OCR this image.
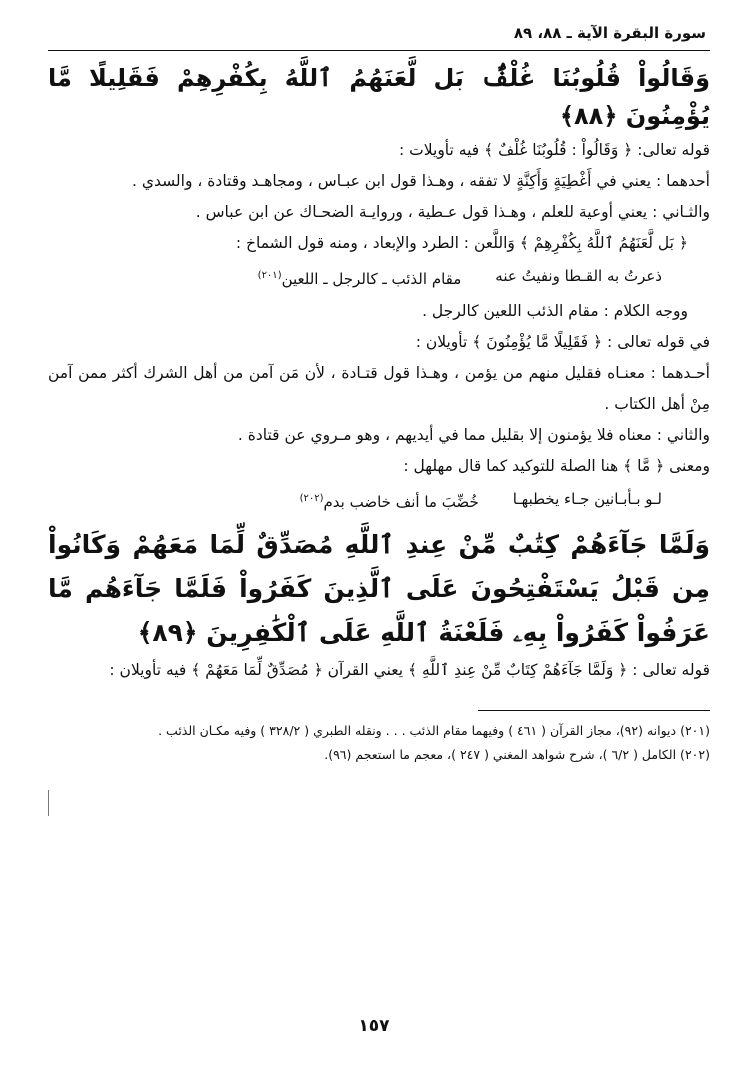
سورة البقرة الآية ـ ٨٨، ٨٩
وَقَالُواْ قُلُوبُنَا غُلْفٌۢ بَل لَّعَنَهُمُ ٱللَّهُ بِكُفْرِهِمْ فَقَلِيلًا مَّا يُؤْمِنُونَ ﴿٨٨﴾
قوله تعالى: ﴿ وَقَالُواْ : قُلُوبُنَا غُلْفٌ ﴾ فيه تأويلات :
أحدهما : يعني في أَغْطِيَةٍ وَأَكِنَّةٍ لا تفقه ، وهـذا قول ابن عبـاس ، ومجاهـد وقتادة ، والسدي .
والثـاني : يعني أوعية للعلم ، وهـذا قول عـطية ، وروايـة الضحـاك عن ابن عباس .
﴿ بَل لَّعَنَهُمُ ٱللَّهُ بِكُفْرِهِمْ ﴾ وَاللَّعن : الطرد والإبعاد ، ومنه قول الشماخ :
ذعرتُ به القـطا ونفيتُ عنه
مقام الذئب ـ كالرجل ـ اللعين$^{(٢٠١)}$
ووجه الكلام : مقام الذئب اللعين كالرجل .
في قوله تعالى : ﴿ فَقَلِيلًا مَّا يُؤْمِنُونَ ﴾ تأويلان :
أحـدهما : معنـاه فقليل منهم من يؤمن ، وهـذا قول قتـادة ، لأن مَن آمن من أهل الشرك أكثر ممن آمن مِنْ أهل الكتاب .
والثاني : معناه فلا يؤمنون إلا بقليل مما في أيديهم ، وهو مـروي عن قتادة .
ومعنى ﴿ مَّا ﴾ هنا الصلة للتوكيد كما قال مهلهل :
لـو بـأبـانين جـاء يخطبهـا
خُضِّبَ ما أنف خاضب بدم$^{(٢٠٢)}$
وَلَمَّا جَآءَهُمْ كِتَٰبٌ مِّنْ عِندِ ٱللَّهِ مُصَدِّقٌ لِّمَا مَعَهُمْ وَكَانُواْ مِن قَبْلُ يَسْتَفْتِحُونَ عَلَى ٱلَّذِينَ كَفَرُواْ فَلَمَّا جَآءَهُم مَّا عَرَفُواْ كَفَرُواْ بِهِۦ فَلَعْنَةُ ٱللَّهِ عَلَى ٱلْكَٰفِرِينَ ﴿٨٩﴾
قوله تعالى : ﴿ وَلَمَّا جَآءَهُمْ كِتَابٌ مِّنْ عِندِ ٱللَّهِ ﴾ يعني القرآن ﴿ مُصَدِّقٌ لِّمَا مَعَهُمْ ﴾ فيه تأويلان :
(٢٠١) ديوانه (٩٢)، مجاز القرآن ( ٤٦١ ) وفيهما مقام الذئب . . . ونقله الطبري ( ٣٢٨/٢ ) وفيه مكـان الذئب .
(٢٠٢) الكامل ( ٦/٢ )، شرح شواهد المغني ( ٢٤٧ )، معجم ما استعجم (٩٦).
١٥٧
